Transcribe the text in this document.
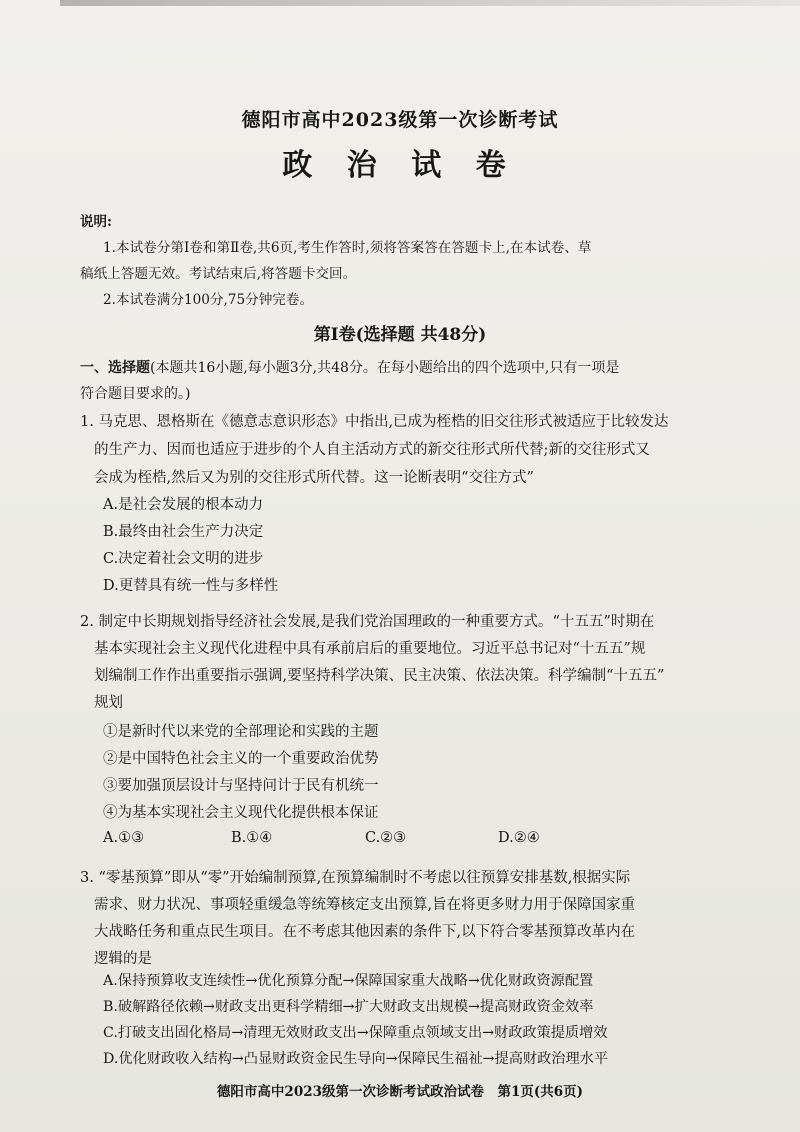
德阳市高中2023级第一次诊断考试
政 治 试 卷
说明:
1.本试卷分第Ⅰ卷和第Ⅱ卷,共6页,考生作答时,须将答案答在答题卡上,在本试卷、草
稿纸上答题无效。考试结束后,将答题卡交回。
2.本试卷满分100分,75分钟完卷。
第Ⅰ卷(选择题 共48分)
一、选择题(本题共16小题,每小题3分,共48分。在每小题给出的四个选项中,只有一项是
符合题目要求的。)
1. 马克思、恩格斯在《德意志意识形态》中指出,已成为桎梏的旧交往形式被适应于比较发达
的生产力、因而也适应于进步的个人自主活动方式的新交往形式所代替;新的交往形式又
会成为桎梏,然后又为别的交往形式所代替。这一论断表明“交往方式”
A.是社会发展的根本动力
B.最终由社会生产力决定
C.决定着社会文明的进步
D.更替具有统一性与多样性
2. 制定中长期规划指导经济社会发展,是我们党治国理政的一种重要方式。“十五五”时期在
基本实现社会主义现代化进程中具有承前启后的重要地位。习近平总书记对“十五五”规
划编制工作作出重要指示强调,要坚持科学决策、民主决策、依法决策。科学编制“十五五”
规划
①是新时代以来党的全部理论和实践的主题
②是中国特色社会主义的一个重要政治优势
③要加强顶层设计与坚持问计于民有机统一
④为基本实现社会主义现代化提供根本保证
A.①③	B.①④	C.②③	D.②④
3. “零基预算”即从“零”开始编制预算,在预算编制时不考虑以往预算安排基数,根据实际
需求、财力状况、事项轻重缓急等统筹核定支出预算,旨在将更多财力用于保障国家重
大战略任务和重点民生项目。在不考虑其他因素的条件下,以下符合零基预算改革内在
逻辑的是
A.保持预算收支连续性→优化预算分配→保障国家重大战略→优化财政资源配置
B.破解路径依赖→财政支出更科学精细→扩大财政支出规模→提高财政资金效率
C.打破支出固化格局→清理无效财政支出→保障重点领域支出→财政政策提质增效
D.优化财政收入结构→凸显财政资金民生导向→保障民生福祉→提高财政治理水平
德阳市高中2023级第一次诊断考试政治试卷　第1页(共6页)
